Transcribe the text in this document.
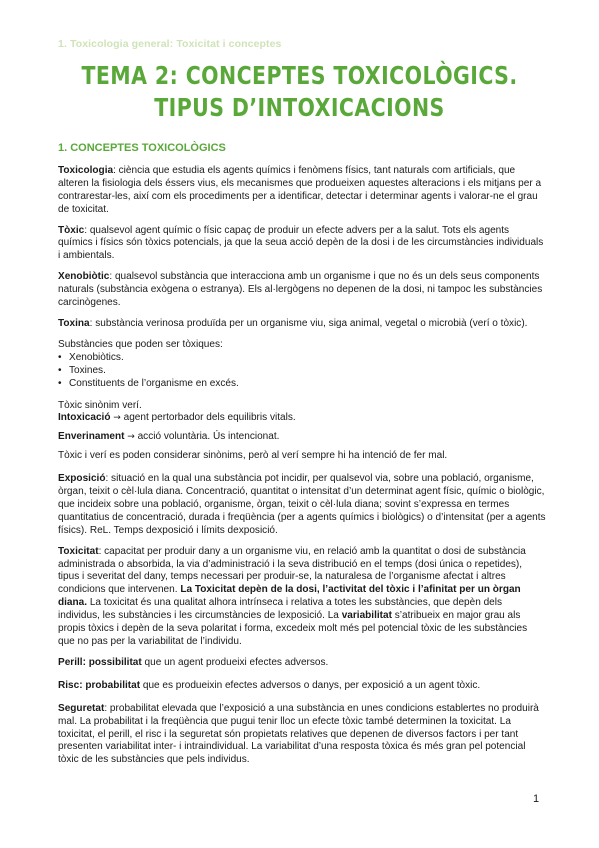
1. Toxicologia general: Toxicitat i conceptes
TEMA 2: CONCEPTES TOXICOLÒGICS.
TIPUS D’INTOXICACIONS
1. CONCEPTES TOXICOLÒGICS

Toxicologia: ciència que estudia els agents químics i fenòmens físics, tant naturals com artificials, que alteren la fisiologia dels éssers vius, els mecanismes que produeixen aquestes alteracions i els mitjans per a contrarestar-les, així com els procediments per a identificar, detectar i determinar agents i valorar-ne el grau de toxicitat.

Tòxic: qualsevol agent químic o físic capaç de produir un efecte advers per a la salut. Tots els agents químics i físics són tòxics potencials, ja que la seua acció depèn de la dosi i de les circumstàncies individuals i ambientals.

Xenobiòtic: qualsevol substància que interacciona amb un organisme i que no és un dels seus components naturals (substància exògena o estranya). Els al·lergògens no depenen de la dosi, ni tampoc les substàncies carcinògenes.

Toxina: substància verinosa produïda per un organisme viu, siga animal, vegetal o microbià (verí o tòxic).

Substàncies que poden ser tòxiques:

• Xenobiòtics.
• Toxines.
• Constituents de l’organisme en excés.

Tòxic sinònim verí.

Intoxicació → agent pertorbador dels equilibris vitals.

Enverinament → acció voluntària. Ús intencionat.

Tòxic i verí es poden considerar sinònims, però al verí sempre hi ha intenció de fer mal.

Exposició: situació en la qual una substància pot incidir, per qualsevol via, sobre una població, organisme, òrgan, teixit o cèl·lula diana. Concentració, quantitat o intensitat d’un determinat agent físic, químic o biològic, que incideix sobre una població, organisme, òrgan, teixit o cèl·lula diana; sovint s’expressa en termes quantitatius de concentració, durada i freqüència (per a agents químics i biològics) o d’intensitat (per a agents físics). ReL. Temps dexposició i límits dexposició.

Toxicitat: capacitat per produir dany a un organisme viu, en relació amb la quantitat o dosi de substància administrada o absorbida, la via d’administració i la seva distribució en el temps (dosi única o repetides), tipus i severitat del dany, temps necessari per produir-se, la naturalesa de l’organisme afectat i altres condicions que intervenen. La Toxicitat depèn de la dosi, l’activitat del tòxic i l’afinitat per un òrgan diana. La toxicitat és una qualitat alhora intrínseca i relativa a totes les substàncies, que depèn dels individus, les substàncies i les circumstàncies de lexposició. La variabilitat s’atribueix en major grau als propis tòxics i depèn de la seva polaritat i forma, excedeix molt més pel potencial tòxic de les substàncies que no pas per la variabilitat de l’individu.

Perill: possibilitat que un agent produeixi efectes adversos.

Risc: probabilitat que es produeixin efectes adversos o danys, per exposició a un agent tòxic.

Seguretat: probabilitat elevada que l’exposició a una substància en unes condicions establertes no produirà mal. La probabilitat i la freqüència que pugui tenir lloc un efecte tòxic també determinen la toxicitat. La toxicitat, el perill, el risc i la seguretat són propietats relatives que depenen de diversos factors i per tant presenten variabilitat inter- i intraindividual. La variabilitat d’una resposta tòxica és més gran pel potencial tòxic de les substàncies que pels individus.

1
